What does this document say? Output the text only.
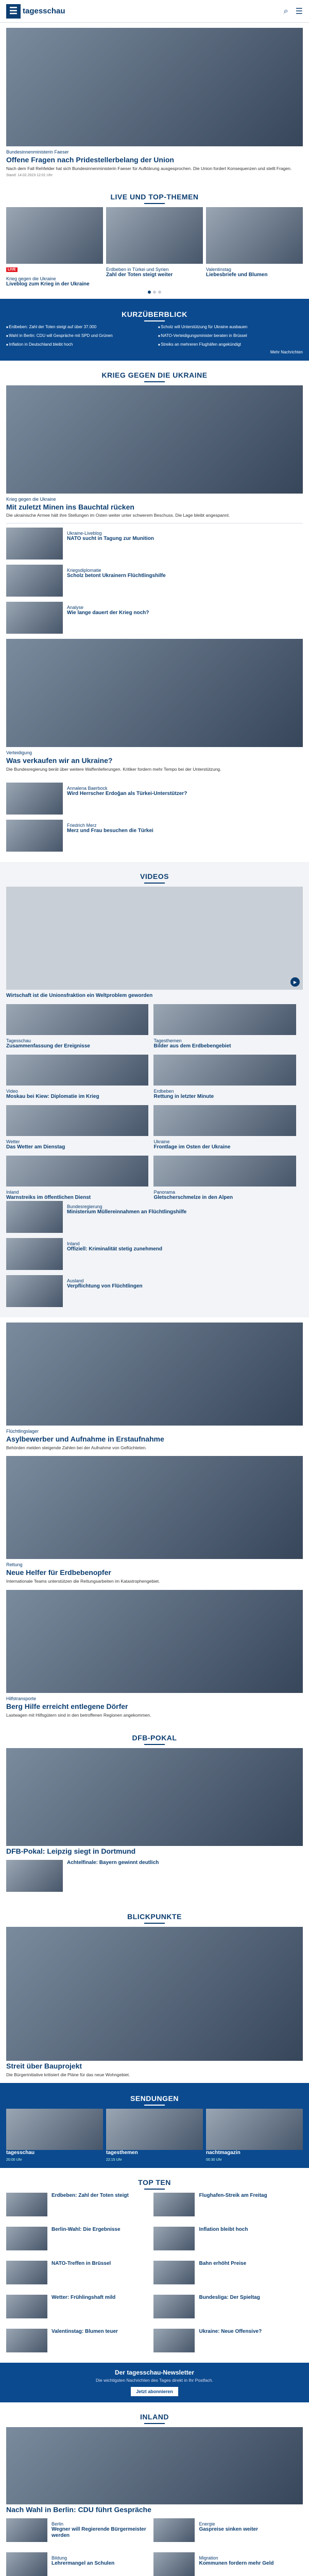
☰ tagesschau	⌕ ☰
Bundesinnenministerin Faeser
Offene Fragen nach Pridestellerbelang der Union
Nach dem Fall Rehfelder hat sich Bundesinnenministerin Faeser für Aufklärung ausgesprochen. Die Union fordert Konsequenzen und stellt Fragen.
Stand: 14.02.2023 12:01 Uhr
LIVE UND TOP-THEMEN
LIVE
Krieg gegen die Ukraine
Liveblog zum Krieg in der Ukraine
Erdbeben in Türkei und Syrien
Zahl der Toten steigt weiter
Valentinstag
Liebesbriefe und Blumen
KURZÜBERBLICK
■ Erdbeben: Zahl der Toten steigt auf über 37.000	■ Scholz will Unterstützung für Ukraine ausbauen
■ Wahl in Berlin: CDU will Gespräche mit SPD und Grünen	■ NATO-Verteidigungsminister beraten in Brüssel
■ Inflation in Deutschland bleibt hoch	■ Streiks an mehreren Flughäfen angekündigt
Mehr Nachrichten
KRIEG GEGEN DIE UKRAINE
Krieg gegen die Ukraine
Mit zuletzt Minen ins Bauchtal rücken
Die ukrainische Armee hält ihre Stellungen im Osten weiter unter schwerem Beschuss. Die Lage bleibt angespannt.
Ukraine-Liveblog
NATO sucht in Tagung zur Munition
Kriegsdiplomatie
Scholz betont Ukrainern Flüchtlingshilfe
Analyse
Wie lange dauert der Krieg noch?
Verteidigung
Was verkaufen wir an Ukraine?
Die Bundesregierung berät über weitere Waffenlieferungen. Kritiker fordern mehr Tempo bei der Unterstützung.
Annalena Baerbock
Wird Herrscher Erdoğan als Türkei-Unterstützer?
Friedrich Merz
Merz und Frau besuchen die Türkei
VIDEOS
▶
Wirtschaft ist die Unionsfraktion ein Weltproblem geworden
Tagesschau
Zusammenfassung der Ereignisse
Tagesthemen
Bilder aus dem Erdbebengebiet
Video
Moskau bei Kiew: Diplomatie im Krieg
Erdbeben
Rettung in letzter Minute
Wetter
Das Wetter am Dienstag
Ukraine
Frontlage im Osten der Ukraine
Inland
Warnstreiks im öffentlichen Dienst
Panorama
Gletscherschmelze in den Alpen
Bundesregierung
Ministerium Müllereinnahmen an Flüchtlingshilfe
Inland
Offiziell: Kriminalität stetig zunehmend
Ausland
Verpflichtung von Flüchtlingen
Flüchtlingslager
Asylbewerber und Aufnahme in Erstaufnahme
Behörden melden steigende Zahlen bei der Aufnahme von Geflüchteten.
Rettung
Neue Helfer für Erdbebenopfer
Internationale Teams unterstützen die Rettungsarbeiten im Katastrophengebiet.
Hilfstransporte
Berg Hilfe erreicht entlegene Dörfer
Lastwagen mit Hilfsgütern sind in den betroffenen Regionen angekommen.
DFB-POKAL
DFB-Pokal: Leipzig siegt in Dortmund
Achtelfinale: Bayern gewinnt deutlich
BLICKPUNKTE
Streit über Bauprojekt
Die Bürgerinitiative kritisiert die Pläne für das neue Wohngebiet.
SENDUNGEN
tagesschau
20:00 Uhr
tagesthemen
22:15 Uhr
nachtmagazin
00:30 Uhr
TOP TEN
Erdbeben: Zahl der Toten steigt	Flughafen-Streik am Freitag
Berlin-Wahl: Die Ergebnisse	Inflation bleibt hoch
NATO-Treffen in Brüssel	Bahn erhöht Preise
Wetter: Frühlingshaft mild	Bundesliga: Der Spieltag
Valentinstag: Blumen teuer	Ukraine: Neue Offensive?
Der tagesschau-Newsletter
Die wichtigsten Nachrichten des Tages direkt in Ihr Postfach.
Jetzt abonnieren
INLAND
Nach Wahl in Berlin: CDU führt Gespräche
Berlin
Wegner will Regierende Bürgermeister werden
Energie
Gaspreise sinken weiter
Bildung
Lehrermangel an Schulen
Migration
Kommunen fordern mehr Geld
